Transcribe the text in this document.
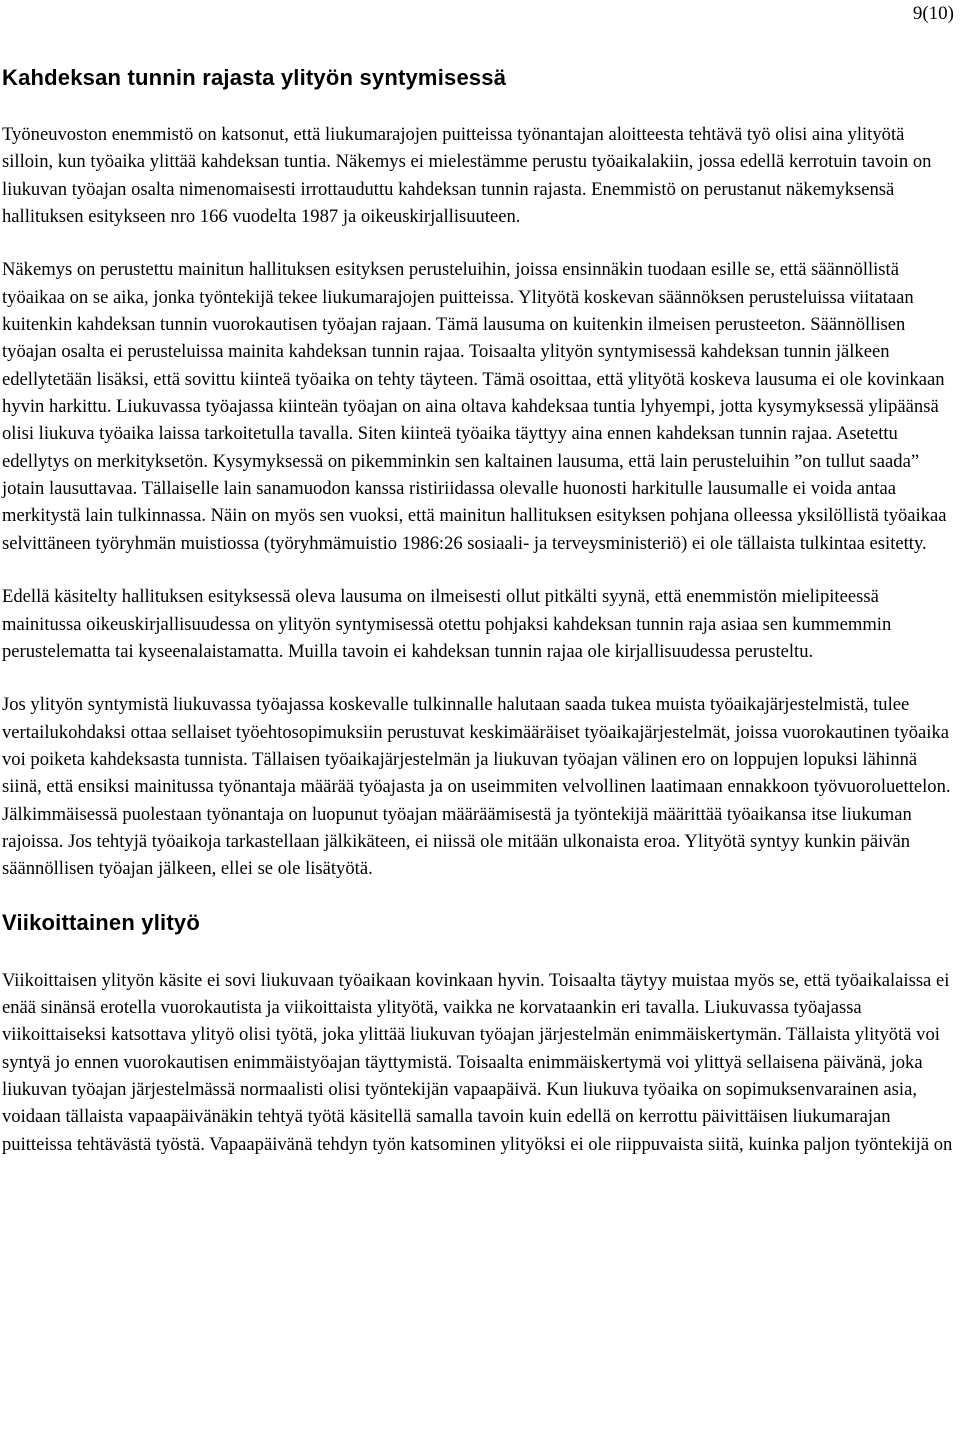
9(10)
Kahdeksan tunnin rajasta ylityön syntymisessä

Työneuvoston enemmistö on katsonut, että liukumarajojen puitteissa työnantajan aloitteesta tehtävä työ olisi aina ylityötä silloin, kun työaika ylittää kahdeksan tuntia. Näkemys ei mielestämme perustu työaikalakiin, jossa edellä kerrotuin tavoin on liukuvan työajan osalta nimenomaisesti irrottauduttu kahdeksan tunnin rajasta. Enemmistö on perustanut näkemyksensä hallituksen esitykseen nro 166 vuodelta 1987 ja oikeuskirjallisuuteen.

Näkemys on perustettu mainitun hallituksen esityksen perusteluihin, joissa ensinnäkin tuodaan esille se, että säännöllistä työaikaa on se aika, jonka työntekijä tekee liukumarajojen puitteissa. Ylityötä koskevan säännöksen perusteluissa viitataan kuitenkin kahdeksan tunnin vuorokautisen työajan rajaan. Tämä lausuma on kuitenkin ilmeisen perusteeton. Säännöllisen työajan osalta ei perusteluissa mainita kahdeksan tunnin rajaa. Toisaalta ylityön syntymisessä kahdeksan tunnin jälkeen edellytetään lisäksi, että sovittu kiinteä työaika on tehty täyteen. Tämä osoittaa, että ylityötä koskeva lausuma ei ole kovinkaan hyvin harkittu. Liukuvassa työajassa kiinteän työajan on aina oltava kahdeksaa tuntia lyhyempi, jotta kysymyksessä ylipäänsä olisi liukuva työaika laissa tarkoitetulla tavalla. Siten kiinteä työaika täyttyy aina ennen kahdeksan tunnin rajaa. Asetettu edellytys on merkityksetön. Kysymyksessä on pikemminkin sen kaltainen lausuma, että lain perusteluihin ”on tullut saada” jotain lausuttavaa. Tällaiselle lain sanamuodon kanssa ristiriidassa olevalle huonosti harkitulle lausumalle ei voida antaa merkitystä lain tulkinnassa. Näin on myös sen vuoksi, että mainitun hallituksen esityksen pohjana olleessa yksilöllistä työaikaa selvittäneen työryhmän muistiossa (työryhmämuistio 1986:26 sosiaali- ja terveysministeriö) ei ole tällaista tulkintaa esitetty.

Edellä käsitelty hallituksen esityksessä oleva lausuma on ilmeisesti ollut pitkälti syynä, että enemmistön mielipiteessä mainitussa oikeuskirjallisuudessa on ylityön syntymisessä otettu pohjaksi kahdeksan tunnin raja asiaa sen kummemmin perustelematta tai kyseenalaistamatta. Muilla tavoin ei kahdeksan tunnin rajaa ole kirjallisuudessa perusteltu.

Jos ylityön syntymistä liukuvassa työajassa koskevalle tulkinnalle halutaan saada tukea muista työaikajärjestelmistä, tulee vertailukohdaksi ottaa sellaiset työehtosopimuksiin perustuvat keskimääräiset työaikajärjestelmät, joissa vuorokautinen työaika voi poiketa kahdeksasta tunnista. Tällaisen työaikajärjestelmän ja liukuvan työajan välinen ero on loppujen lopuksi lähinnä siinä, että ensiksi mainitussa työnantaja määrää työajasta ja on useimmiten velvollinen laatimaan ennakkoon työvuoroluettelon. Jälkimmäisessä puolestaan työnantaja on luopunut työajan määräämisestä ja työntekijä määrittää työaikansa itse liukuman rajoissa. Jos tehtyjä työaikoja tarkastellaan jälkikäteen, ei niissä ole mitään ulkonaista eroa. Ylityötä syntyy kunkin päivän säännöllisen työajan jälkeen, ellei se ole lisätyötä.

Viikoittainen ylityö

Viikoittaisen ylityön käsite ei sovi liukuvaan työaikaan kovinkaan hyvin. Toisaalta täytyy muistaa myös se, että työaikalaissa ei enää sinänsä erotella vuorokautista ja viikoittaista ylityötä, vaikka ne korvataankin eri tavalla. Liukuvassa työajassa viikoittaiseksi katsottava ylityö olisi työtä, joka ylittää liukuvan työajan järjestelmän enimmäiskertymän. Tällaista ylityötä voi syntyä jo ennen vuorokautisen enimmäistyöajan täyttymistä. Toisaalta enimmäiskertymä voi ylittyä sellaisena päivänä, joka liukuvan työajan järjestelmässä normaalisti olisi työntekijän vapaapäivä. Kun liukuva työaika on sopimuksenvarainen asia, voidaan tällaista vapaapäivänäkin tehtyä työtä käsitellä samalla tavoin kuin edellä on kerrottu päivittäisen liukumarajan puitteissa tehtävästä työstä. Vapaapäivänä tehdyn työn katsominen ylityöksi ei ole riippuvaista siitä, kuinka paljon työntekijä on
